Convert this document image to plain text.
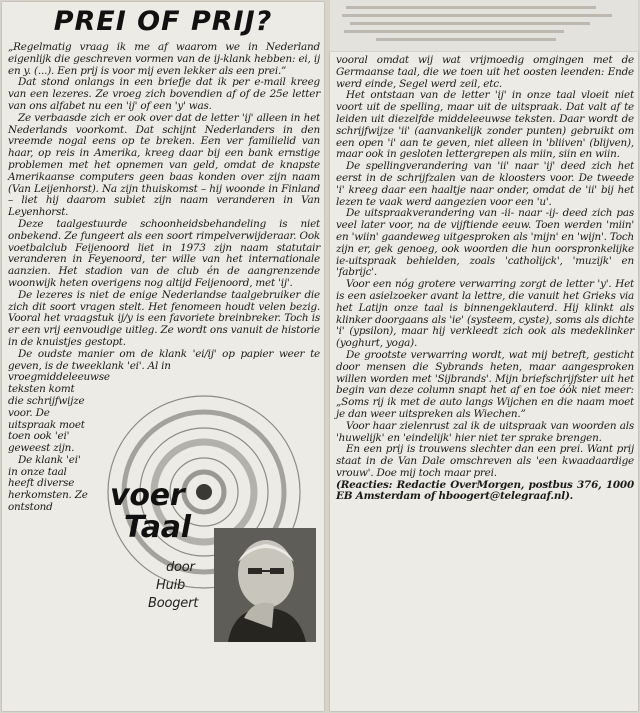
PREI OF PRIJ?

„Regelmatig vraag ik me af waarom we in Nederland eigenlijk die geschreven vormen van de ij-klank hebben: ei, ij en y. (...). Een prij is voor mij even lekker als een prei.”

Dat stond onlangs in een briefje dat ik per e-mail kreeg van een lezeres. Ze vroeg zich bovendien af of de 25e letter van ons alfabet nu een 'ij' of een 'y' was.

Ze verbaasde zich er ook over dat de letter 'ij' alleen in het Nederlands voorkomt. Dat schijnt Nederlanders in den vreemde nogal eens op te breken. Een ver familielid van haar, op reis in Amerika, kreeg daar bij een bank ernstige problemen met het opnemen van geld, omdat de knapste Amerikaanse computers geen baas konden over zijn naam (Van Leijenhorst). Na zijn thuiskomst – hij woonde in Finland – liet hij daarom subiet zijn naam veranderen in Van Leyenhorst.

Deze taalgestuurde schoonheidsbehandeling is niet onbekend. Ze fungeert als een soort rimpelverwijderaar. Ook voetbalclub Feijenoord liet in 1973 zijn naam statutair veranderen in Feyenoord, ter wille van het internationale aanzien. Het stadion van de club én de aangrenzende woonwijk heten overigens nog altijd Feijenoord, met 'ij'.

De lezeres is niet de enige Nederlandse taalgebruiker die zich dit soort vragen stelt. Het fenomeen houdt velen bezig. Vooral het vraagstuk ij/y is een favoriete breinbreker. Toch is er een vrij eenvoudige uitleg. Ze wordt ons vanuit de historie in de knuistjes gestopt.

De oudste manier om de klank 'ei/ij' op papier weer te geven, is de tweeklank 'ei'. Al in

vroegmiddeleeuwse teksten komt die schrijfwijze voor. De uitspraak moet toen ook 'ei' geweest zijn.

De klank 'ei' in onze taal heeft diverse herkomsten. Ze ontstond	voer
Taal
door
Huib
Boogert

vooral omdat wij wat vrijmoedig omgingen met de Germaanse taal, die we toen uit het oosten leenden: Ende werd einde, Segel werd zeil, etc.

Het ontstaan van de letter 'ij' in onze taal vloeit niet voort uit de spelling, maar uit de uitspraak. Dat valt af te leiden uit diezelfde middeleeuwse teksten. Daar wordt de schrijfwijze 'ii' (aanvankelijk zonder punten) gebruikt om een open 'i' aan te geven, niet alleen in 'bliiven' (blijven), maar ook in gesloten lettergrepen als miin, siin en wiin.

De spellingverandering van 'ii' naar 'ij' deed zich het eerst in de schrijfzalen van de kloosters voor. De tweede 'i' kreeg daar een haaltje naar onder, omdat de 'ii' bij het lezen te vaak werd aangezien voor een 'u'.

De uitspraakverandering van -ii- naar -ij- deed zich pas veel later voor, na de vijftiende eeuw. Toen werden 'miin' en 'wiin' gaandeweg uitgesproken als 'mijn' en 'wijn'. Toch zijn er, gek genoeg, ook woorden die hun oorspronkelijke ie-uitspraak behielden, zoals 'catholijck', 'muzijk' en 'fabrijc'.

Voor een nóg grotere verwarring zorgt de letter 'y'. Het is een asielzoeker avant la lettre, die vanuit het Grieks via het Latijn onze taal is binnengeklauterd. Hij klinkt als klinker doorgaans als 'ie' (systeem, cyste), soms als dichte 'i' (ypsilon), maar hij verkleedt zich ook als medeklinker (yoghurt, yoga).

De grootste verwarring wordt, wat mij betreft, gesticht door mensen die Sybrands heten, maar aangesproken willen worden met 'Sijbrands'. Mijn briefschrijfster uit het begin van deze column snapt het af en toe óók niet meer: „Soms rij ik met de auto langs Wijchen en die naam moet je dan weer uitspreken als Wiechen.”

Voor haar zielenrust zal ik de uitspraak van woorden als 'huwelijk' en 'eindelijk' hier niet ter sprake brengen.

En een prij is trouwens slechter dan een prei. Want prij staat in de Van Dale omschreven als 'een kwaadaardige vrouw'. Doe mij toch maar prei.

(Reacties: Redactie OverMorgen, postbus 376, 1000 EB Amsterdam of hboogert@telegraaf.nl).
